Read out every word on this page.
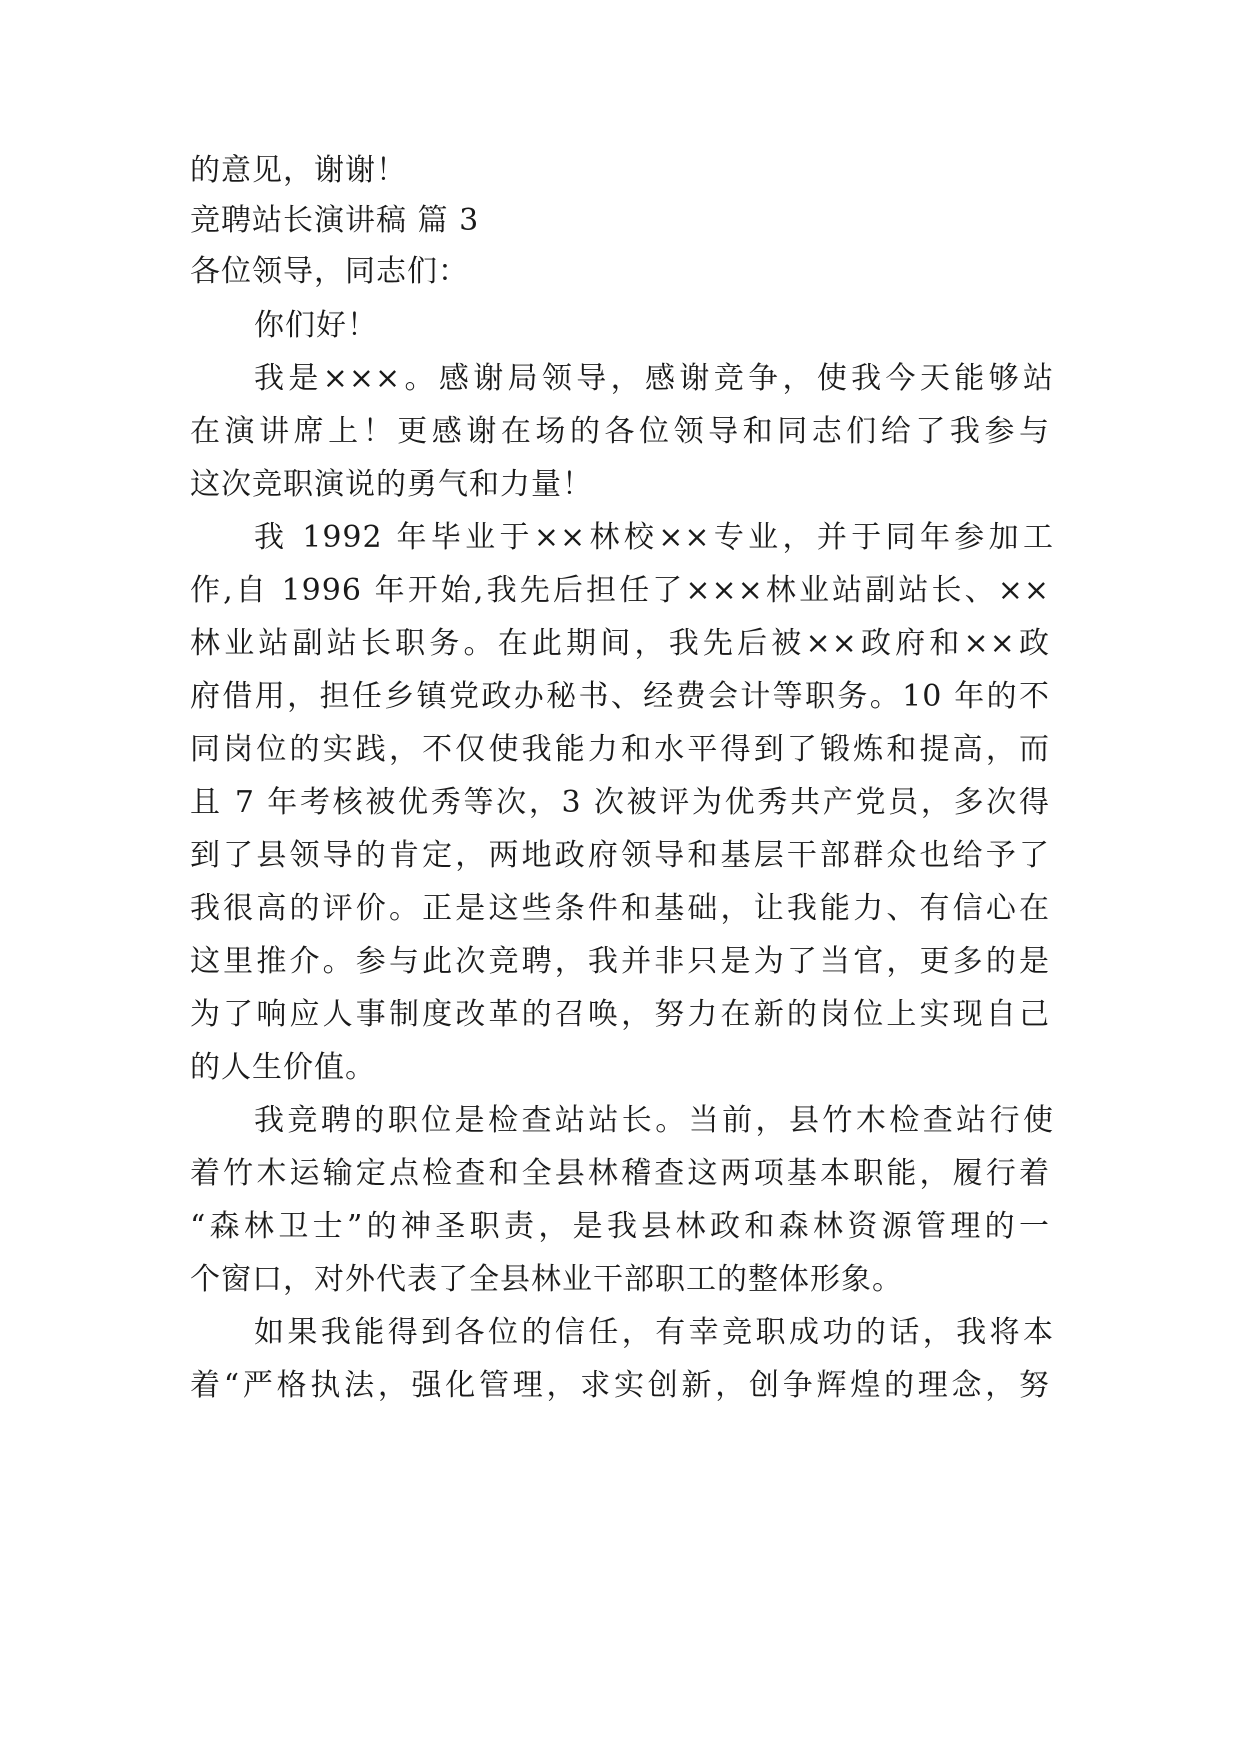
的意见，谢谢！
竞聘站长演讲稿 篇 3
各位领导，同志们：
你们好！
我是×××。感谢局领导，感谢竞争，使我今天能够站
在演讲席上！更感谢在场的各位领导和同志们给了我参与
这次竞职演说的勇气和力量！
我 1992 年毕业于××林校××专业，并于同年参加工
作,自 1996 年开始,我先后担任了×××林业站副站长、××
林业站副站长职务。在此期间，我先后被××政府和××政
府借用，担任乡镇党政办秘书、经费会计等职务。10 年的不
同岗位的实践，不仅使我能力和水平得到了锻炼和提高，而
且 7 年考核被优秀等次，3 次被评为优秀共产党员，多次得
到了县领导的肯定，两地政府领导和基层干部群众也给予了
我很高的评价。正是这些条件和基础，让我能力、有信心在
这里推介。参与此次竞聘，我并非只是为了当官，更多的是
为了响应人事制度改革的召唤，努力在新的岗位上实现自己
的人生价值。
我竞聘的职位是检查站站长。当前，县竹木检查站行使
着竹木运输定点检查和全县林稽查这两项基本职能，履行着
“森林卫士”的神圣职责，是我县林政和森林资源管理的一
个窗口，对外代表了全县林业干部职工的整体形象。
如果我能得到各位的信任，有幸竞职成功的话，我将本
着“严格执法，强化管理，求实创新，创争辉煌的理念，努
